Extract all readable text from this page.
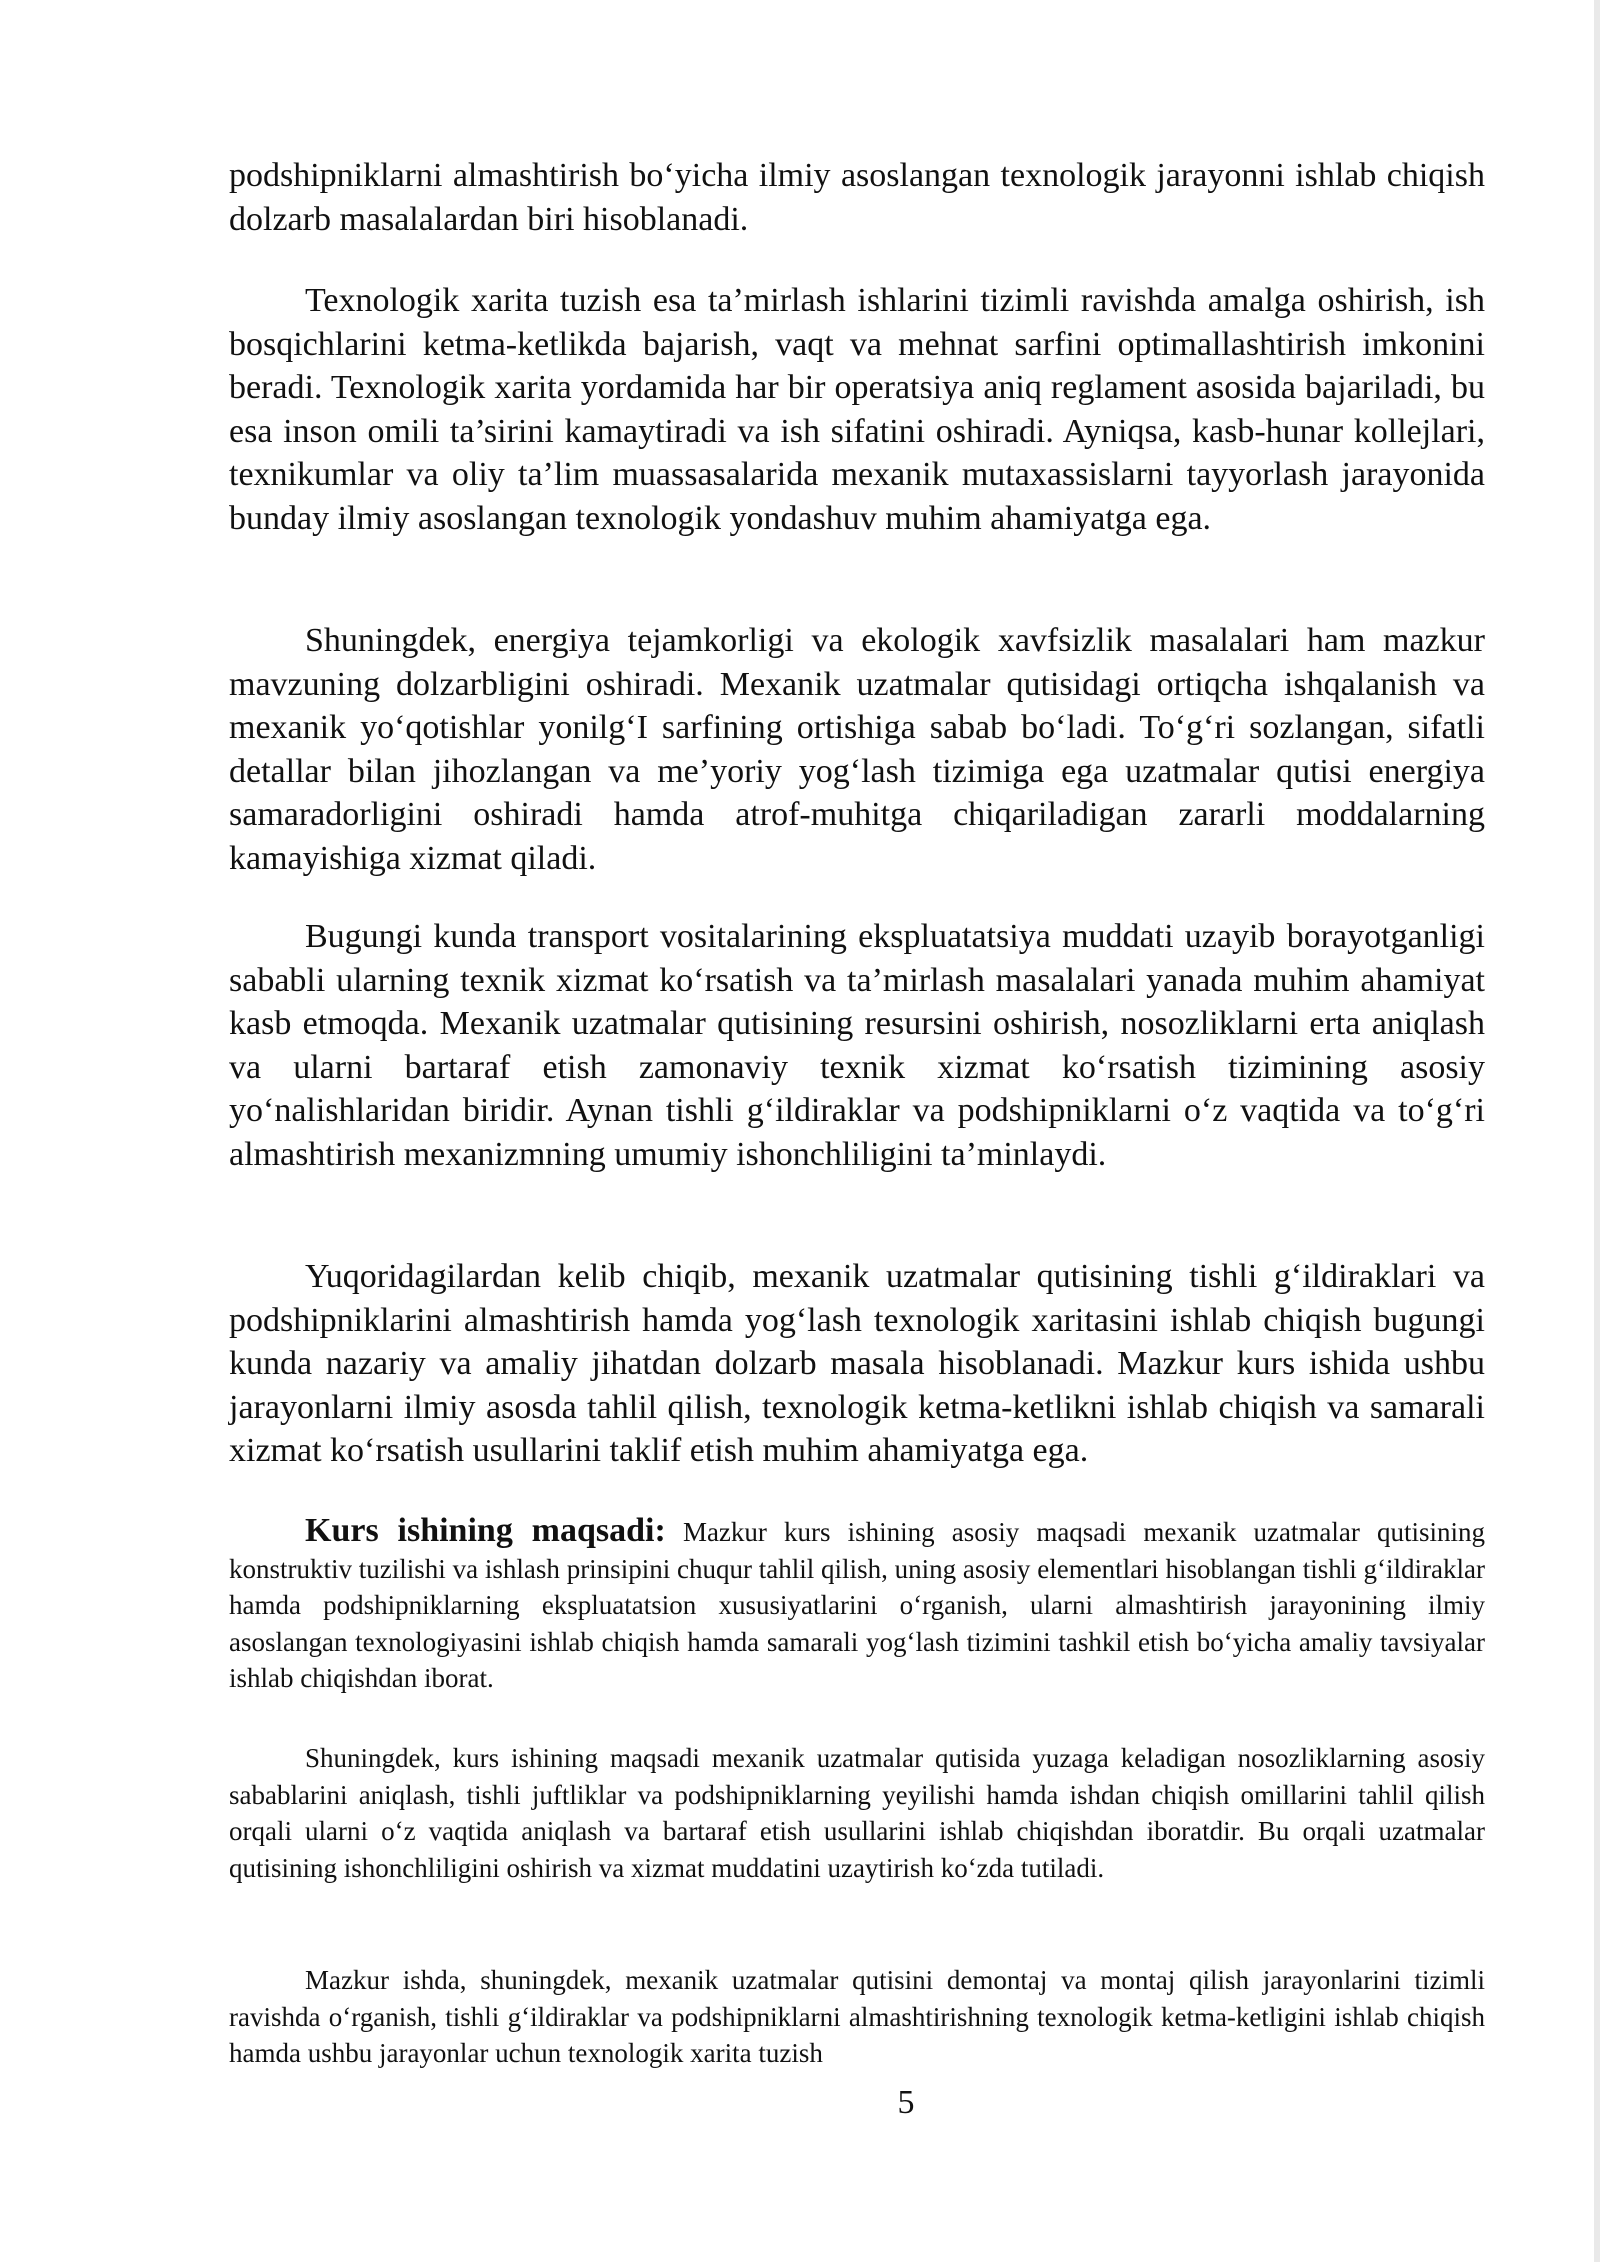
podshipniklarni almashtirish bo‘yicha ilmiy asoslangan texnologik jarayonni ishlab chiqish dolzarb masalalardan biri hisoblanadi.

Texnologik xarita tuzish esa ta’mirlash ishlarini tizimli ravishda amalga oshirish, ish bosqichlarini ketma-ketlikda bajarish, vaqt va mehnat sarfini optimallashtirish imkonini beradi. Texnologik xarita yordamida har bir operatsiya aniq reglament asosida bajariladi, bu esa inson omili ta’sirini kamaytiradi va ish sifatini oshiradi. Ayniqsa, kasb-hunar kollejlari, texnikumlar va oliy ta’lim muassasalarida mexanik mutaxassislarni tayyorlash jarayonida bunday ilmiy asoslangan texnologik yondashuv muhim ahamiyatga ega.

Shuningdek, energiya tejamkorligi va ekologik xavfsizlik masalalari ham mazkur mavzuning dolzarbligini oshiradi. Mexanik uzatmalar qutisidagi ortiqcha ishqalanish va mexanik yo‘qotishlar yonilg‘I sarfining ortishiga sabab bo‘ladi. To‘g‘ri sozlangan, sifatli detallar bilan jihozlangan va me’yoriy yog‘lash tizimiga ega uzatmalar qutisi energiya samaradorligini oshiradi hamda atrof-muhitga chiqariladigan zararli moddalarning kamayishiga xizmat qiladi.

Bugungi kunda transport vositalarining ekspluatatsiya muddati uzayib borayotganligi sababli ularning texnik xizmat ko‘rsatish va ta’mirlash masalalari yanada muhim ahamiyat kasb etmoqda. Mexanik uzatmalar qutisining resursini oshirish, nosozliklarni erta aniqlash va ularni bartaraf etish zamonaviy texnik xizmat ko‘rsatish tizimining asosiy yo‘nalishlaridan biridir. Aynan tishli g‘ildiraklar va podshipniklarni o‘z vaqtida va to‘g‘ri almashtirish mexanizmning umumiy ishonchliligini ta’minlaydi.

Yuqoridagilardan kelib chiqib, mexanik uzatmalar qutisining tishli g‘ildiraklari va podshipniklarini almashtirish hamda yog‘lash texnologik xaritasini ishlab chiqish bugungi kunda nazariy va amaliy jihatdan dolzarb masala hisoblanadi. Mazkur kurs ishida ushbu jarayonlarni ilmiy asosda tahlil qilish, texnologik ketma-ketlikni ishlab chiqish va samarali xizmat ko‘rsatish usullarini taklif etish muhim ahamiyatga ega.

Kurs ishining maqsadi: Mazkur kurs ishining asosiy maqsadi mexanik uzatmalar qutisining konstruktiv tuzilishi va ishlash prinsipini chuqur tahlil qilish, uning asosiy elementlari hisoblangan tishli g‘ildiraklar hamda podshipniklarning ekspluatatsion xususiyatlarini o‘rganish, ularni almashtirish jarayonining ilmiy asoslangan texnologiyasini ishlab chiqish hamda samarali yog‘lash tizimini tashkil etish bo‘yicha amaliy tavsiyalar ishlab chiqishdan iborat.

Shuningdek, kurs ishining maqsadi mexanik uzatmalar qutisida yuzaga keladigan nosozliklarning asosiy sabablarini aniqlash, tishli juftliklar va podshipniklarning yeyilishi hamda ishdan chiqish omillarini tahlil qilish orqali ularni o‘z vaqtida aniqlash va bartaraf etish usullarini ishlab chiqishdan iboratdir. Bu orqali uzatmalar qutisining ishonchliligini oshirish va xizmat muddatini uzaytirish ko‘zda tutiladi.

Mazkur ishda, shuningdek, mexanik uzatmalar qutisini demontaj va montaj qilish jarayonlarini tizimli ravishda o‘rganish, tishli g‘ildiraklar va podshipniklarni almashtirishning texnologik ketma-ketligini ishlab chiqish hamda ushbu jarayonlar uchun texnologik xarita tuzish

5
